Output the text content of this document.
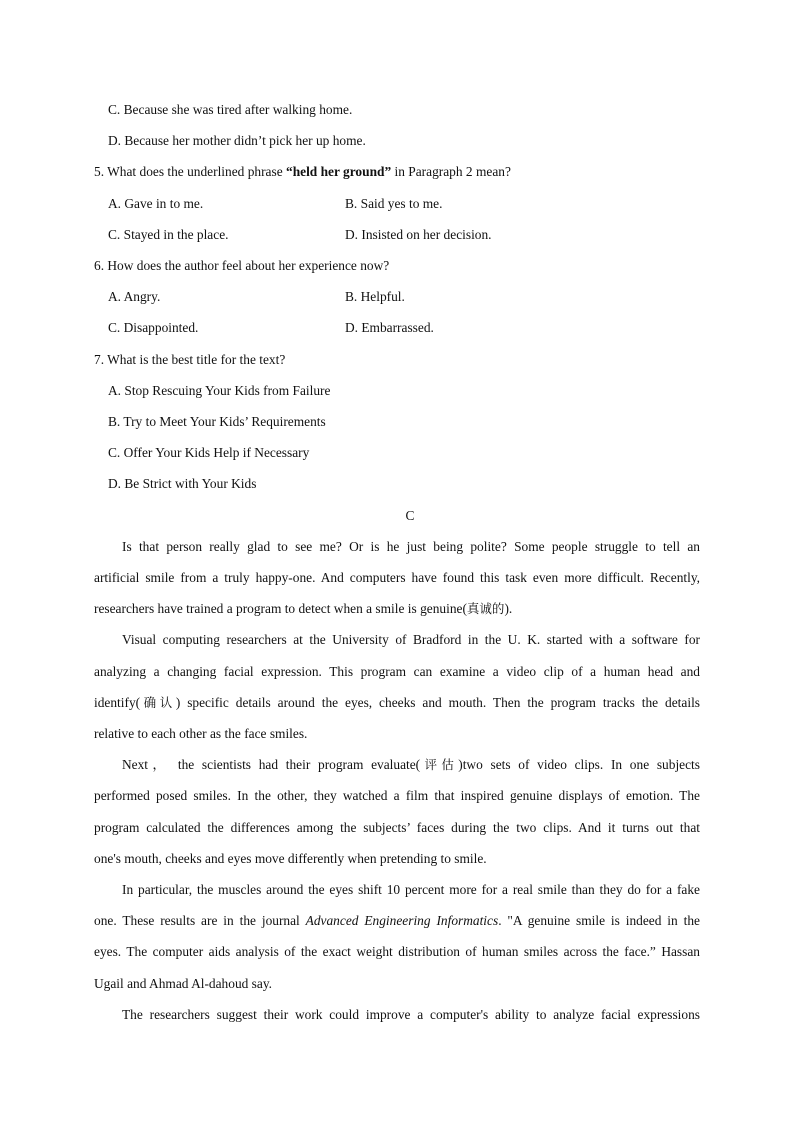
C. Because she was tired after walking home.
D. Because her mother didn’t pick her up home.
5. What does the underlined phrase “held her ground” in Paragraph 2 mean?
A. Gave in to me.	B. Said yes to me.
C. Stayed in the place.	D. Insisted on her decision.
6. How does the author feel about her experience now?
A. Angry.	B. Helpful.
C. Disappointed.	D. Embarrassed.
7. What is the best title for the text?
A. Stop Rescuing Your Kids from Failure
B. Try to Meet Your Kids’ Requirements
C. Offer Your Kids Help if Necessary
D. Be Strict with Your Kids
C
Is that person really glad to see me? Or is he just being polite? Some people struggle to tell an
artificial smile from a truly happy-one. And computers have found this task even more difficult. Recently,
researchers have trained a program to detect when a smile is genuine(真诚的).
Visual computing researchers at the University of Bradford in the U. K. started with a software for
analyzing a changing facial expression. This program can examine a video clip of a human head and
identify(确认) specific details around the eyes, cheeks and mouth. Then the program tracks the details
relative to each other as the face smiles.
Next， the scientists had their program evaluate(评估)two sets of video clips. In one subjects
performed posed smiles. In the other, they watched a film that inspired genuine displays of emotion. The
program calculated the differences among the subjects’ faces during the two clips. And it turns out that
one's mouth, cheeks and eyes move differently when pretending to smile.
In particular, the muscles around the eyes shift 10 percent more for a real smile than they do for a fake
one. These results are in the journal Advanced Engineering Informatics. "A genuine smile is indeed in the
eyes. The computer aids analysis of the exact weight distribution of human smiles across the face.” Hassan
Ugail and Ahmad Al-dahoud say.
The researchers suggest their work could improve a computer's ability to analyze facial expressions
